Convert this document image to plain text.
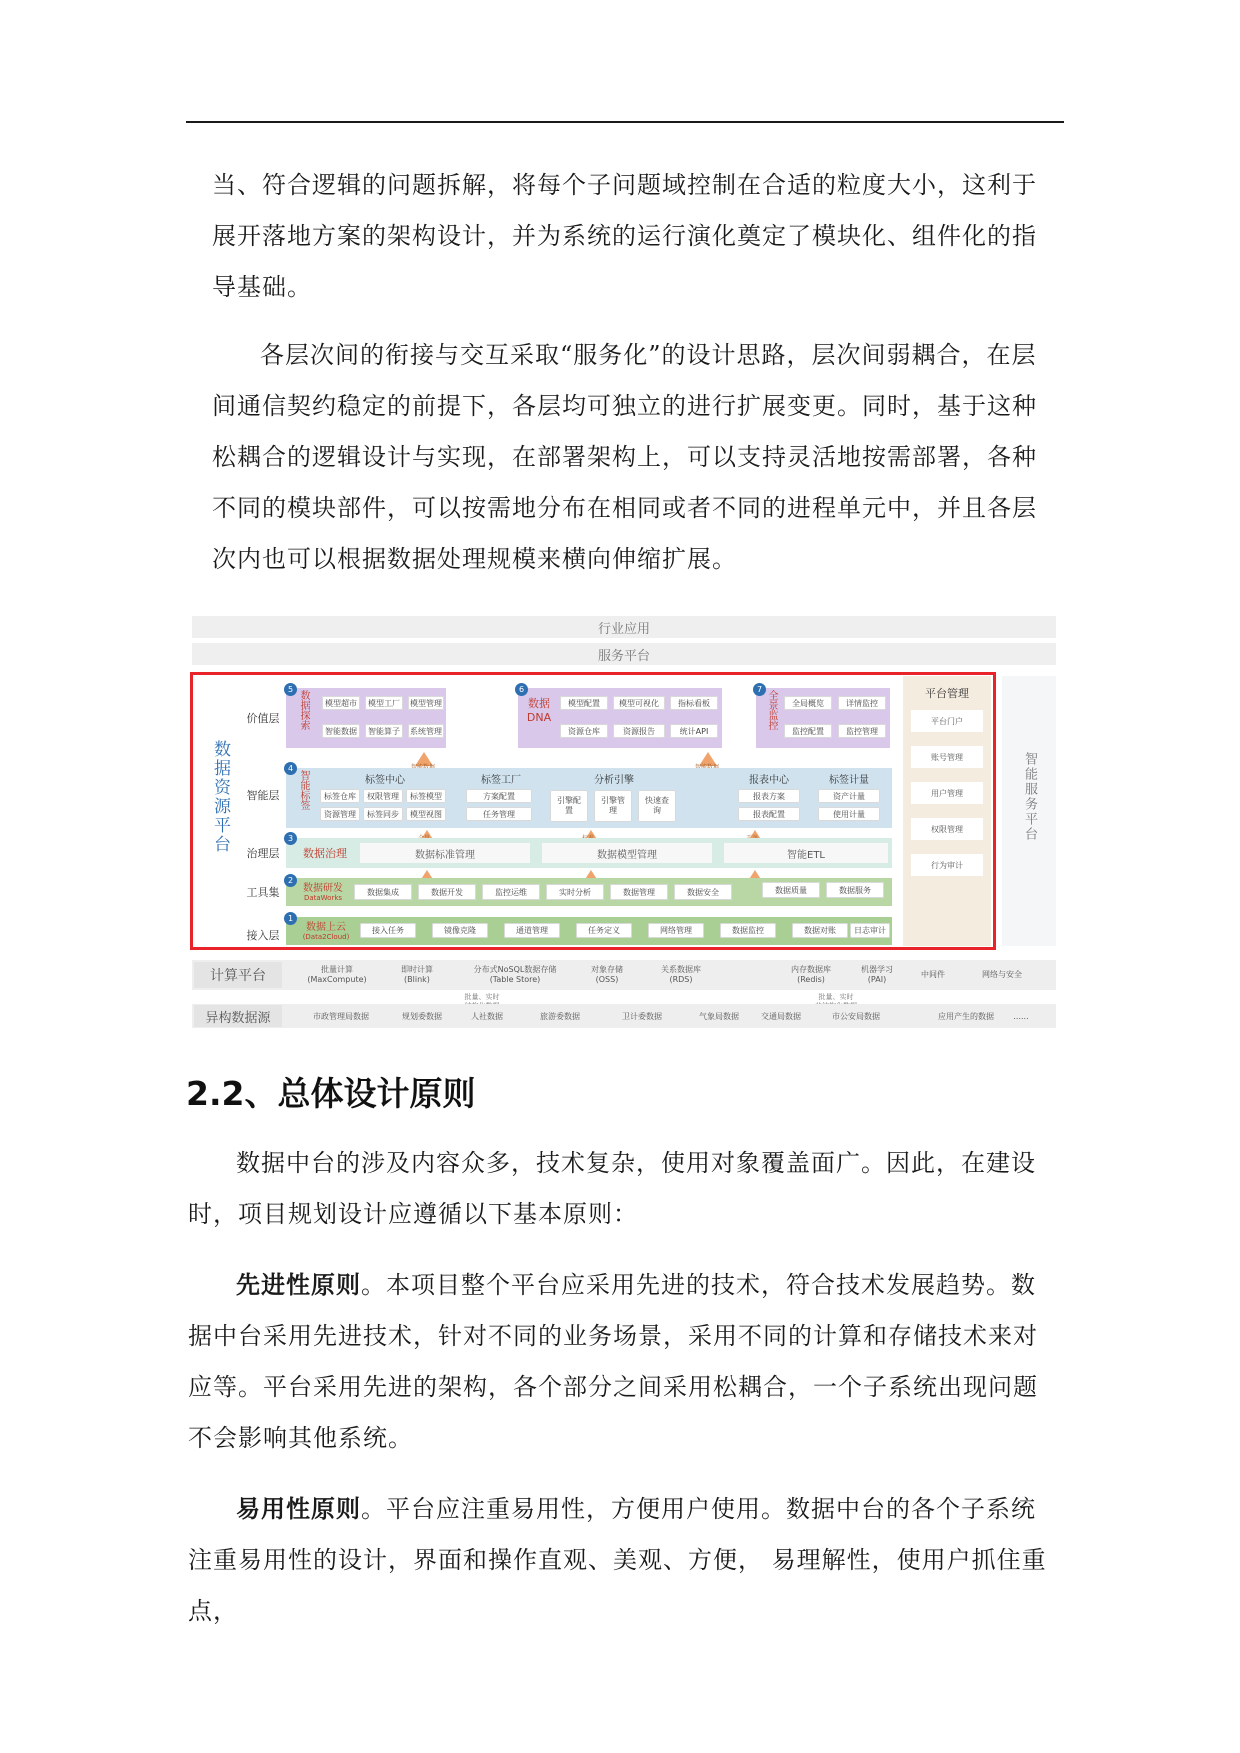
当、符合逻辑的问题拆解，将每个子问题域控制在合适的粒度大小，这利于展开落地方案的架构设计，并为系统的运行演化奠定了模块化、组件化的指导基础。

各层次间的衔接与交互采取“服务化”的设计思路，层次间弱耦合，在层间通信契约稳定的前提下，各层均可独立的进行扩展变更。同时，基于这种松耦合的逻辑设计与实现，在部署架构上，可以支持灵活地按需部署，各种不同的模块部件，可以按需地分布在相同或者不同的进程单元中，并且各层次内也可以根据数据处理规模来横向伸缩扩展。

行业应用
服务平台
数据资源平台
价值层
智能层
治理层
工具集
接入层
5
数据探索	模型超市	模型工厂	模型管理
智能数据	智能算子	系统管理
6
数据
DNA
模型配置	模型可视化	指标看板
资源仓库	资源报告	统计API
7
全景监控	全局概览	详情监控
监控配置	监控管理
4
智能标签	标签中心
标签仓库	权限管理	标签模型
资源管理	标签同步	模型视图
标签工厂
方案配置
任务管理
分析引擎
引擎配置
引擎管理
快速查询
报表中心
报表方案
报表配置
标签计量
资产计量
使用计量
3
数据治理	数据标准管理	数据模型管理	智能ETL
2
数据研发
DataWorks
数据集成	数据开发	监控运维	实时分析	数据管理	数据安全	数据质量	数据服务
1
数据上云
(Data2Cloud)
接入任务	镜像克隆	通道管理	任务定义	网络管理	数据监控	数据对账	日志审计
平台管理
平台门户
账号管理
用户管理
权限管理
行为审计
智能服务平台
计算平台	批量计算
(MaxCompute)
即时计算
(Blink)
分布式NoSQL数据存储
(Table Store)
对象存储
(OSS)
关系数据库
(RDS)
内存数据库
(Redis)
机器学习
(PAI)
中间件	网络与安全
批量、实时	批量、实时
异构数据源	市政管理局数据	规划委数据	人社数据	旅游委数据	卫计委数据	气象局数据	交通局数据	市公安局数据	应用产生的数据	......
2.2、总体设计原则

数据中台的涉及内容众多，技术复杂，使用对象覆盖面广。因此，在建设时，项目规划设计应遵循以下基本原则：

先进性原则。本项目整个平台应采用先进的技术，符合技术发展趋势。数据中台采用先进技术，针对不同的业务场景，采用不同的计算和存储技术来对应等。平台采用先进的架构，各个部分之间采用松耦合，一个子系统出现问题不会影响其他系统。

易用性原则。平台应注重易用性，方便用户使用。数据中台的各个子系统注重易用性的设计，界面和操作直观、美观、方便， 易理解性，使用户抓住重点，
